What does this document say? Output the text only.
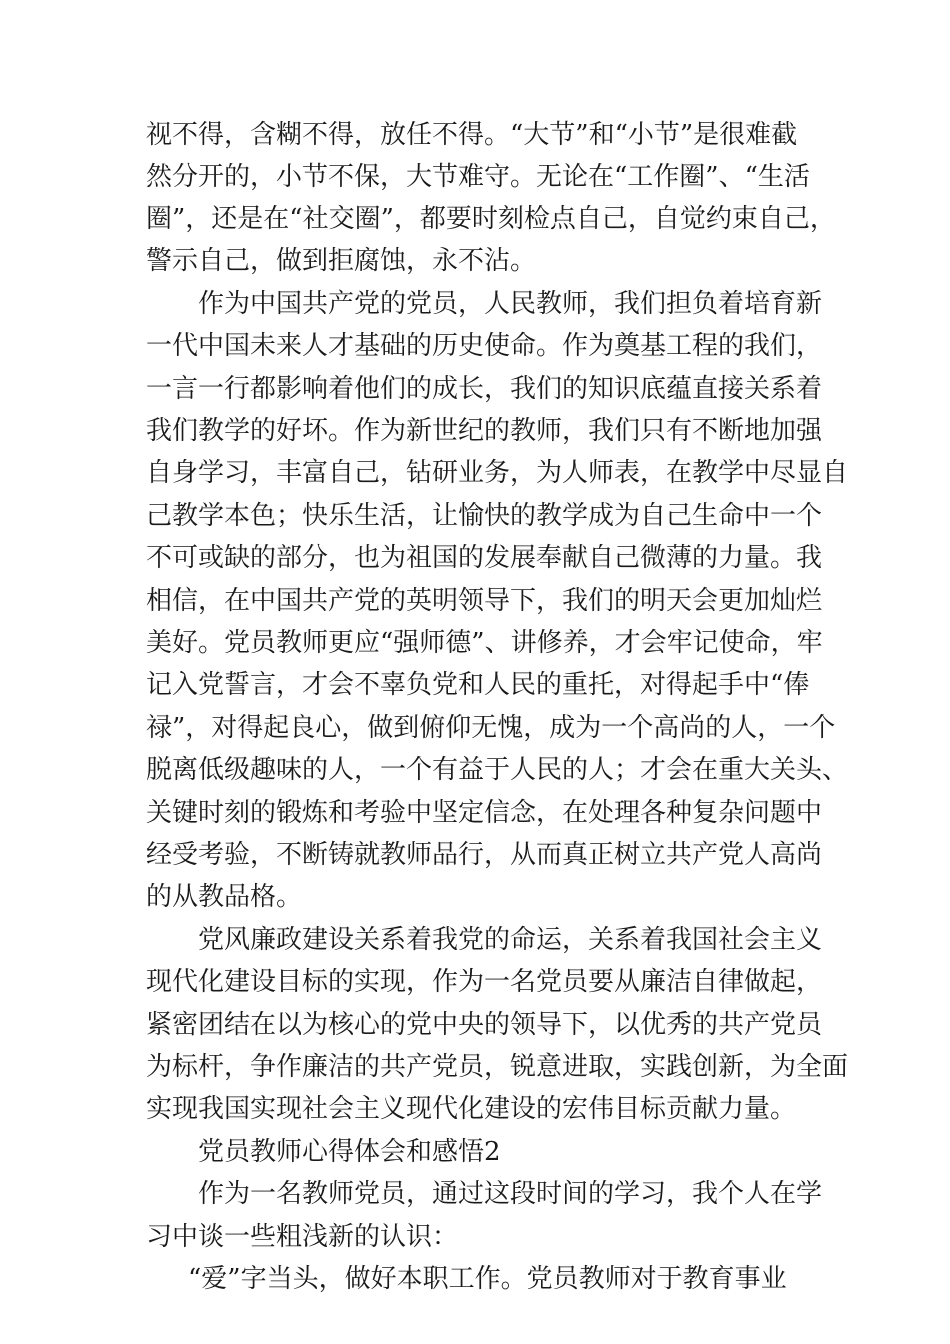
视不得，含糊不得，放任不得。“大节”和“小节”是很难截
然分开的，小节不保，大节难守。无论在“工作圈”、“生活
圈”，还是在“社交圈”，都要时刻检点自己，自觉约束自己，
警示自己，做到拒腐蚀，永不沾。
作为中国共产党的党员，人民教师，我们担负着培育新
一代中国未来人才基础的历史使命。作为奠基工程的我们，
一言一行都影响着他们的成长，我们的知识底蕴直接关系着
我们教学的好坏。作为新世纪的教师，我们只有不断地加强
自身学习，丰富自己，钻研业务，为人师表，在教学中尽显自
己教学本色；快乐生活，让愉快的教学成为自己生命中一个
不可或缺的部分，也为祖国的发展奉献自己微薄的力量。我
相信，在中国共产党的英明领导下，我们的明天会更加灿烂
美好。党员教师更应“强师德”、讲修养，才会牢记使命，牢
记入党誓言，才会不辜负党和人民的重托，对得起手中“俸
禄”，对得起良心，做到俯仰无愧，成为一个高尚的人，一个
脱离低级趣味的人，一个有益于人民的人；才会在重大关头、
关键时刻的锻炼和考验中坚定信念，在处理各种复杂问题中
经受考验，不断铸就教师品行，从而真正树立共产党人高尚
的从教品格。
党风廉政建设关系着我党的命运，关系着我国社会主义
现代化建设目标的实现，作为一名党员要从廉洁自律做起，
紧密团结在以为核心的党中央的领导下，以优秀的共产党员
为标杆，争作廉洁的共产党员，锐意进取，实践创新，为全面
实现我国实现社会主义现代化建设的宏伟目标贡献力量。
党员教师心得体会和感悟2
作为一名教师党员，通过这段时间的学习，我个人在学
习中谈一些粗浅新的认识：
“爱”字当头，做好本职工作。党员教师对于教育事业
